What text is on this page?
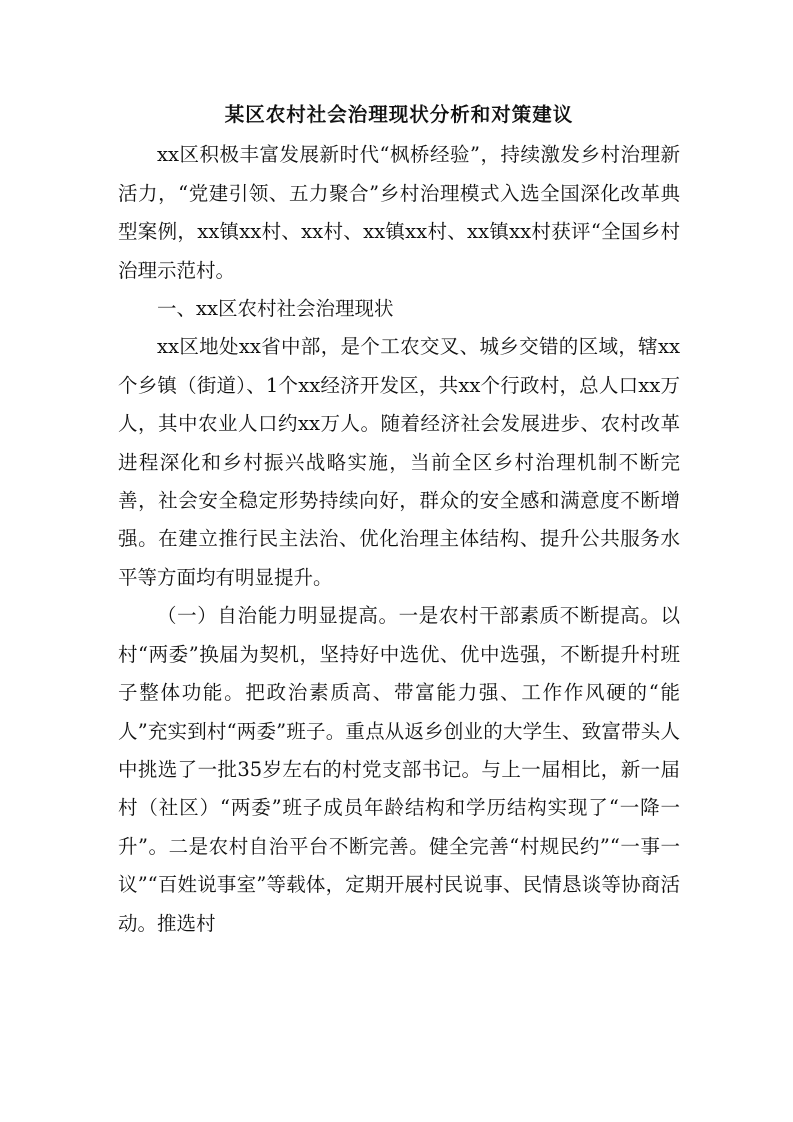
某区农村社会治理现状分析和对策建议

xx区积极丰富发展新时代“枫桥经验”，持续激发乡村治理新活力，“党建引领、五力聚合”乡村治理模式入选全国深化改革典型案例，xx镇xx村、xx村、xx镇xx村、xx镇xx村获评“全国乡村治理示范村。

一、xx区农村社会治理现状

xx区地处xx省中部，是个工农交叉、城乡交错的区域，辖xx个乡镇（街道）、1个xx经济开发区，共xx个行政村，总人口xx万人，其中农业人口约xx万人。随着经济社会发展进步、农村改革进程深化和乡村振兴战略实施，当前全区乡村治理机制不断完善，社会安全稳定形势持续向好，群众的安全感和满意度不断增强。在建立推行民主法治、优化治理主体结构、提升公共服务水平等方面均有明显提升。

（一）自治能力明显提高。一是农村干部素质不断提高。以村“两委”换届为契机，坚持好中选优、优中选强，不断提升村班子整体功能。把政治素质高、带富能力强、工作作风硬的“能人”充实到村“两委”班子。重点从返乡创业的大学生、致富带头人中挑选了一批35岁左右的村党支部书记。与上一届相比，新一届村（社区）“两委”班子成员年龄结构和学历结构实现了“一降一升”。二是农村自治平台不断完善。健全完善“村规民约”“一事一议”“百姓说事室”等载体，定期开展村民说事、民情恳谈等协商活动。推选村
